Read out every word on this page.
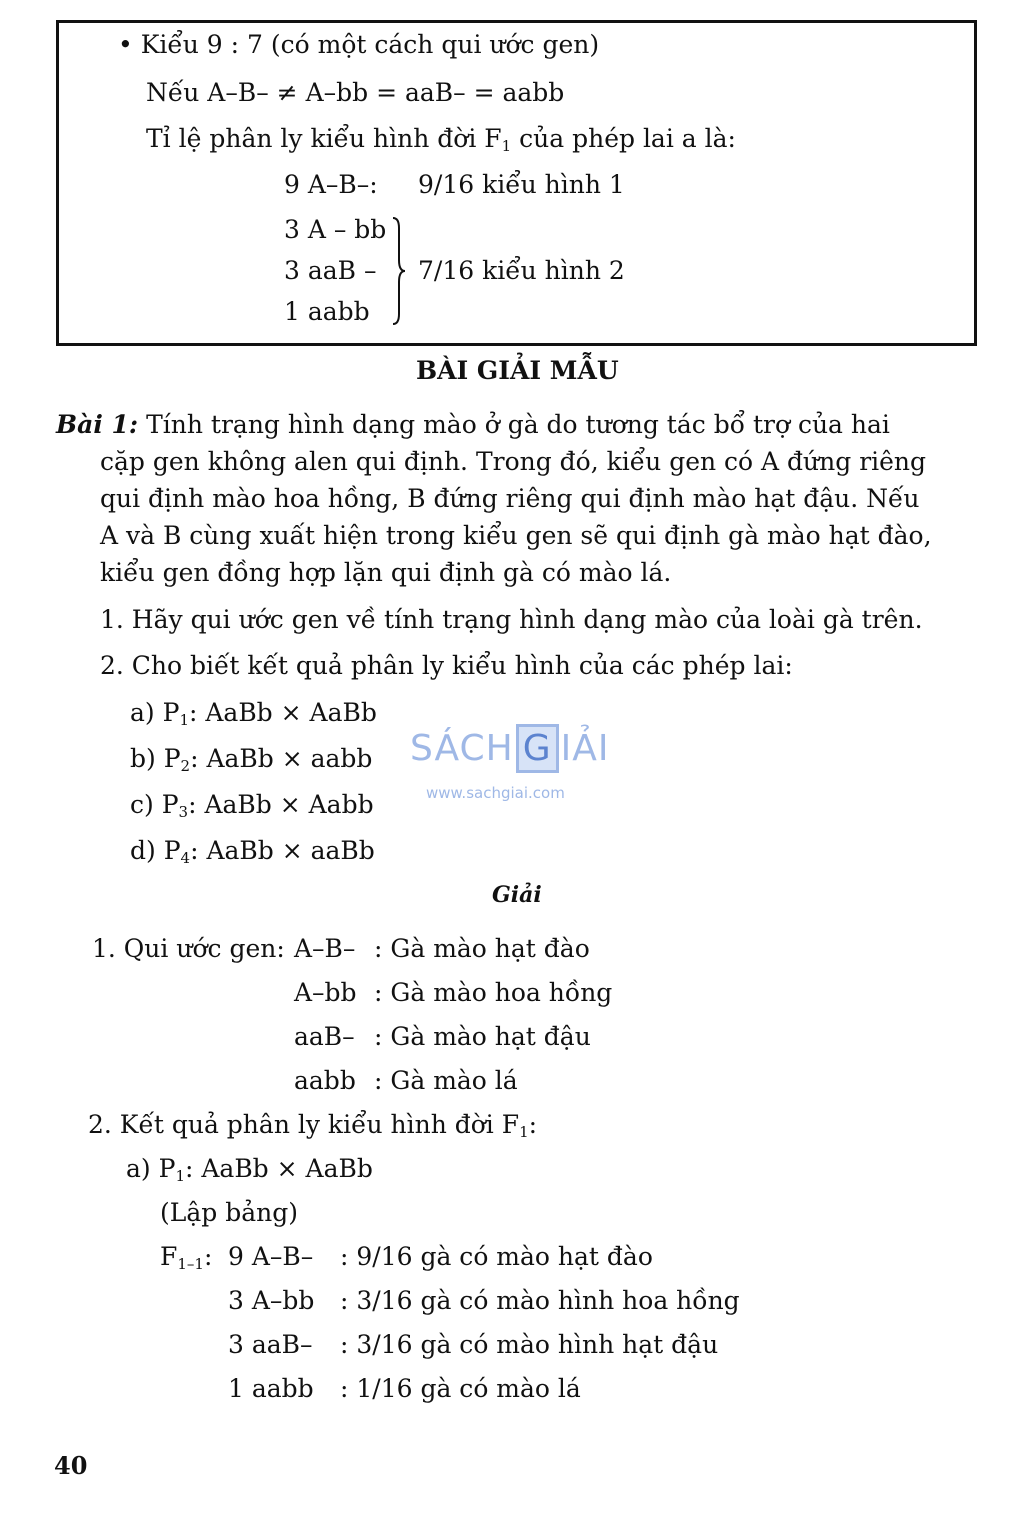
• Kiểu 9 : 7 (có một cách qui ước gen)
Nếu A–B– ≠ A–bb = aaB– = aabb
Tỉ lệ phân ly kiểu hình đời $F_1$ của phép lai a là:
9 A–B–: 9/16 kiểu hình 1
3 A – bb
3 aaB –
1 aabb
7/16 kiểu hình 2
BÀI GIẢI MẪU
Bài 1: Tính trạng hình dạng mào ở gà do tương tác bổ trợ của hai
cặp gen không alen qui định. Trong đó, kiểu gen có A đứng riêng
qui định mào hoa hồng, B đứng riêng qui định mào hạt đậu. Nếu
A và B cùng xuất hiện trong kiểu gen sẽ qui định gà mào hạt đào,
kiểu gen đồng hợp lặn qui định gà có mào lá.
1. Hãy qui ước gen về tính trạng hình dạng mào của loài gà trên.
2. Cho biết kết quả phân ly kiểu hình của các phép lai:
a) $P_1$: AaBb × AaBb
b) $P_2$: AaBb × aabb
c) $P_3$: AaBb × Aabb
d) $P_4$: AaBb × aaBb
SÁCH G IẢI
www.sachgiai.com
Giải
1. Qui ước gen: A–B– : Gà mào hạt đào
A–bb : Gà mào hoa hồng
aaB– : Gà mào hạt đậu
aabb : Gà mào lá
2. Kết quả phân ly kiểu hình đời $F_1$:
a) $P_1$: AaBb × AaBb
(Lập bảng)
$F_{1-1}$: 9 A–B– : 9/16 gà có mào hạt đào
3 A–bb : 3/16 gà có mào hình hoa hồng
3 aaB– : 3/16 gà có mào hình hạt đậu
1 aabb : 1/16 gà có mào lá
40
